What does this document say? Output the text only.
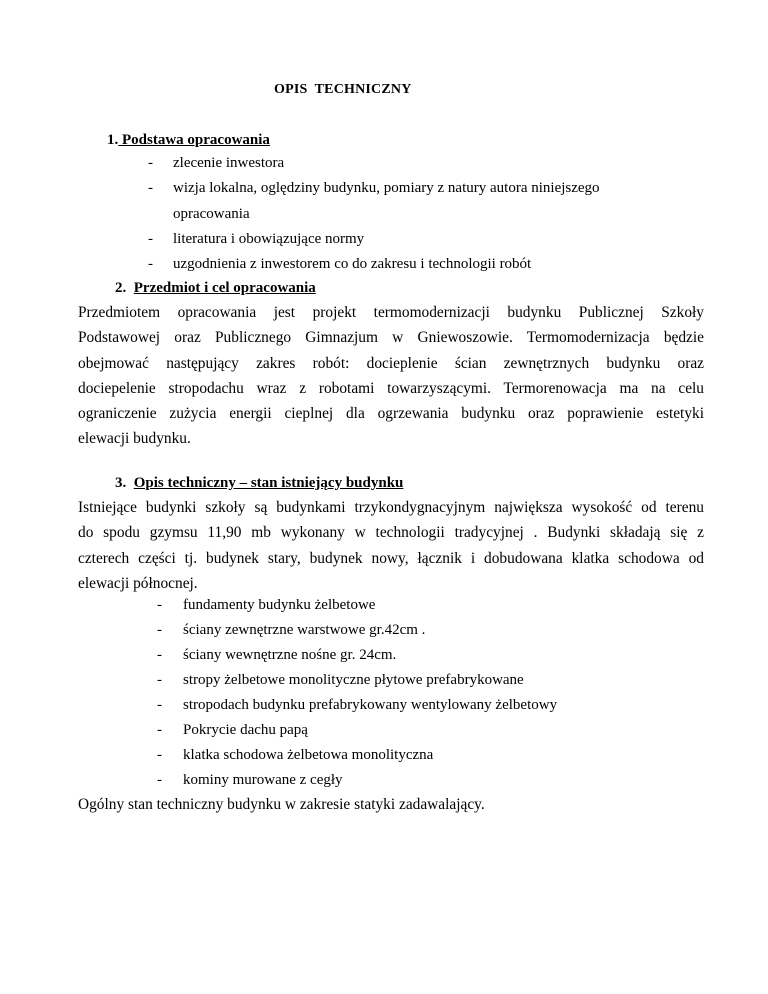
OPIS  TECHNICZNY
1. Podstawa opracowania
- zlecenie inwestora
- wizja lokalna, oględziny budynku, pomiary z natury autora niniejszego
opracowania
- literatura i obowiązujące normy
- uzgodnienia z inwestorem co do zakresu i technologii robót
2. Przedmiot i cel opracowania
Przedmiotem opracowania jest projekt termomodernizacji budynku Publicznej Szkoły
Podstawowej oraz Publicznego Gimnazjum w Gniewoszowie. Termomodernizacja będzie
obejmować następujący zakres robót: docieplenie ścian zewnętrznych budynku oraz
dociepelenie stropodachu wraz z robotami towarzyszącymi. Termorenowacja ma na celu
ograniczenie zużycia energii cieplnej dla ogrzewania budynku oraz poprawienie estetyki
elewacji budynku.
3. Opis techniczny – stan istniejący budynku
Istniejące budynki szkoły są budynkami trzykondygnacyjnym największa wysokość od terenu
do spodu gzymsu 11,90 mb wykonany w technologii tradycyjnej . Budynki składają się z
czterech części tj. budynek stary, budynek nowy, łącznik i dobudowana klatka schodowa od
elewacji północnej.
- fundamenty budynku żelbetowe
- ściany zewnętrzne warstwowe gr.42cm .
- ściany wewnętrzne nośne gr. 24cm.
- stropy żelbetowe monolityczne płytowe prefabrykowane
- stropodach budynku prefabrykowany wentylowany żelbetowy
- Pokrycie dachu papą
- klatka schodowa żelbetowa monolityczna
- kominy murowane z cegły
Ogólny stan techniczny budynku w zakresie statyki zadawalający.
